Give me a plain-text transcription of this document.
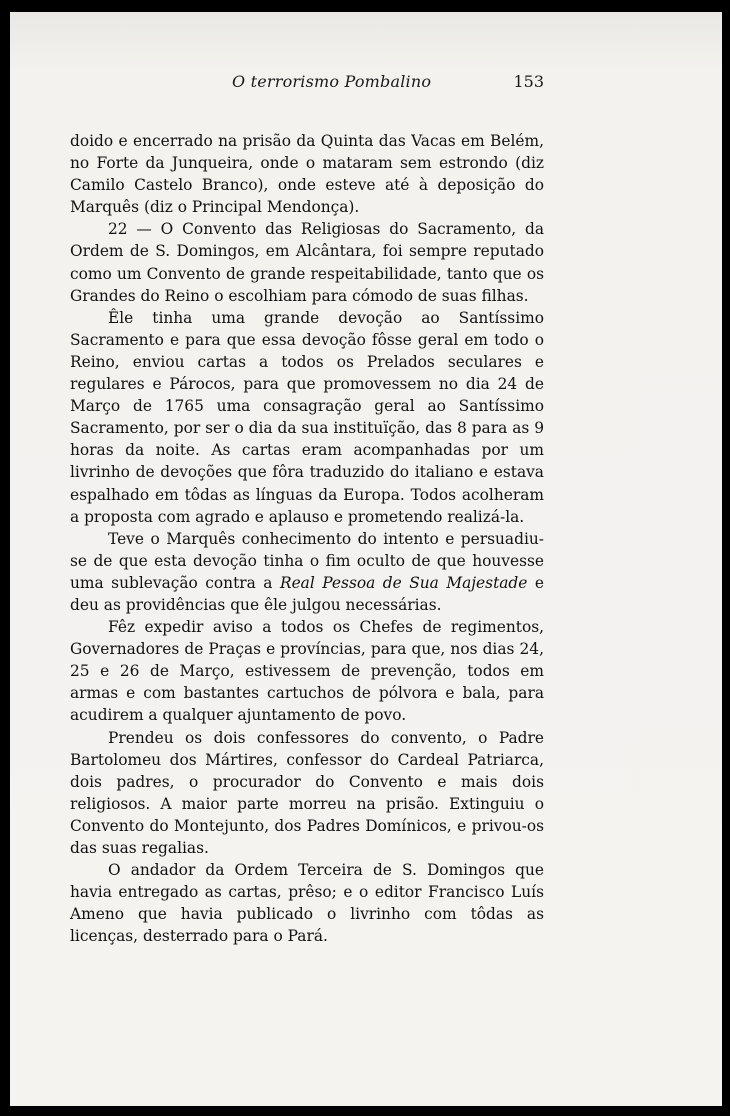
O terrorismo Pombalino	153

doido e encerrado na prisão da Quinta das Vacas em Belém, no Forte da Junqueira, onde o mataram sem estrondo (diz Camilo Castelo Branco), onde esteve até à deposição do Marquês (diz o Principal Mendonça).

22 — O Convento das Religiosas do Sacramento, da Ordem de S. Domingos, em Alcântara, foi sempre reputado como um Convento de grande respeitabilidade, tanto que os Grandes do Reino o escolhiam para cómodo de suas filhas.

Êle tinha uma grande devoção ao Santíssimo Sacramento e para que essa devoção fôsse geral em todo o Reino, enviou cartas a todos os Prelados seculares e regulares e Párocos, para que promovessem no dia 24 de Março de 1765 uma consagração geral ao Santíssimo Sacramento, por ser o dia da sua instituïção, das 8 para as 9 horas da noite. As cartas eram acompanhadas por um livrinho de devoções que fôra traduzido do italiano e estava espalhado em tôdas as línguas da Europa. Todos acolheram a proposta com agrado e aplauso e prometendo realizá-la.

Teve o Marquês conhecimento do intento e persuadiu-se de que esta devoção tinha o fim oculto de que houvesse uma sublevação contra a Real Pessoa de Sua Majestade e deu as providências que êle julgou necessárias.

Fêz expedir aviso a todos os Chefes de regimentos, Governadores de Praças e províncias, para que, nos dias 24, 25 e 26 de Março, estivessem de prevenção, todos em armas e com bastantes cartuchos de pólvora e bala, para acudirem a qualquer ajuntamento de povo.

Prendeu os dois confessores do convento, o Padre Bartolomeu dos Mártires, confessor do Cardeal Patriarca, dois padres, o procurador do Convento e mais dois religiosos. A maior parte morreu na prisão. Extinguiu o Convento do Montejunto, dos Padres Domínicos, e privou-os das suas regalias.

O andador da Ordem Terceira de S. Domingos que havia entregado as cartas, prêso; e o editor Francisco Luís Ameno que havia publicado o livrinho com tôdas as licenças, desterrado para o Pará.
